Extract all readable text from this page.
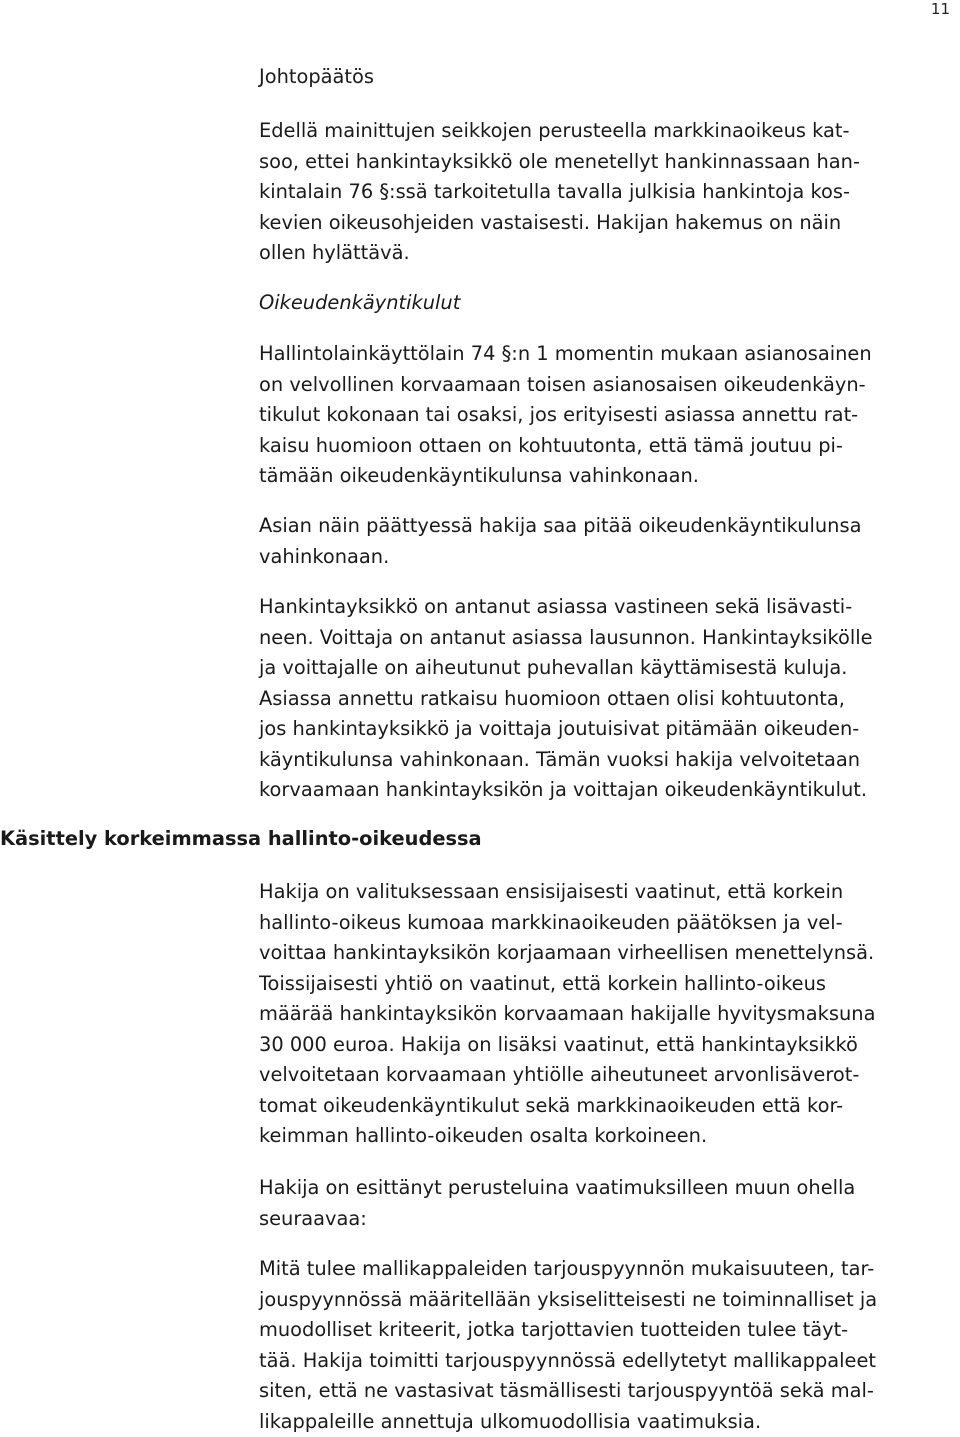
11

Johtopäätös

Edellä mainittujen seikkojen perusteella markkinaoikeus kat-
soo, ettei hankintayksikkö ole menetellyt hankinnassaan han-
kintalain 76 §:ssä tarkoitetulla tavalla julkisia hankintoja kos-
kevien oikeusohjeiden vastaisesti. Hakijan hakemus on näin
ollen hylättävä.

Oikeudenkäyntikulut

Hallintolainkäyttölain 74 §:n 1 momentin mukaan asianosainen
on velvollinen korvaamaan toisen asianosaisen oikeudenkäyn-
tikulut kokonaan tai osaksi, jos erityisesti asiassa annettu rat-
kaisu huomioon ottaen on kohtuutonta, että tämä joutuu pi-
tämään oikeudenkäyntikulunsa vahinkonaan.

Asian näin päättyessä hakija saa pitää oikeudenkäyntikulunsa
vahinkonaan.

Hankintayksikkö on antanut asiassa vastineen sekä lisävasti-
neen. Voittaja on antanut asiassa lausunnon. Hankintayksikölle
ja voittajalle on aiheutunut puhevallan käyttämisestä kuluja.
Asiassa annettu ratkaisu huomioon ottaen olisi kohtuutonta,
jos hankintayksikkö ja voittaja joutuisivat pitämään oikeuden-
käyntikulunsa vahinkonaan. Tämän vuoksi hakija velvoitetaan
korvaamaan hankintayksikön ja voittajan oikeudenkäyntikulut.

Käsittely korkeimmassa hallinto-oikeudessa

Hakija on valituksessaan ensisijaisesti vaatinut, että korkein
hallinto-oikeus kumoaa markkinaoikeuden päätöksen ja vel-
voittaa hankintayksikön korjaamaan virheellisen menettelynsä.
Toissijaisesti yhtiö on vaatinut, että korkein hallinto-oikeus
määrää hankintayksikön korvaamaan hakijalle hyvitysmaksuna
30 000 euroa. Hakija on lisäksi vaatinut, että hankintayksikkö
velvoitetaan korvaamaan yhtiölle aiheutuneet arvonlisäverot-
tomat oikeudenkäyntikulut sekä markkinaoikeuden että kor-
keimman hallinto-oikeuden osalta korkoineen.

Hakija on esittänyt perusteluina vaatimuksilleen muun ohella
seuraavaa:

Mitä tulee mallikappaleiden tarjouspyynnön mukaisuuteen, tar-
jouspyynnössä määritellään yksiselitteisesti ne toiminnalliset ja
muodolliset kriteerit, jotka tarjottavien tuotteiden tulee täyt-
tää. Hakija toimitti tarjouspyynnössä edellytetyt mallikappaleet
siten, että ne vastasivat täsmällisesti tarjouspyyntöä sekä mal-
likappaleille annettuja ulkomuodollisia vaatimuksia.
